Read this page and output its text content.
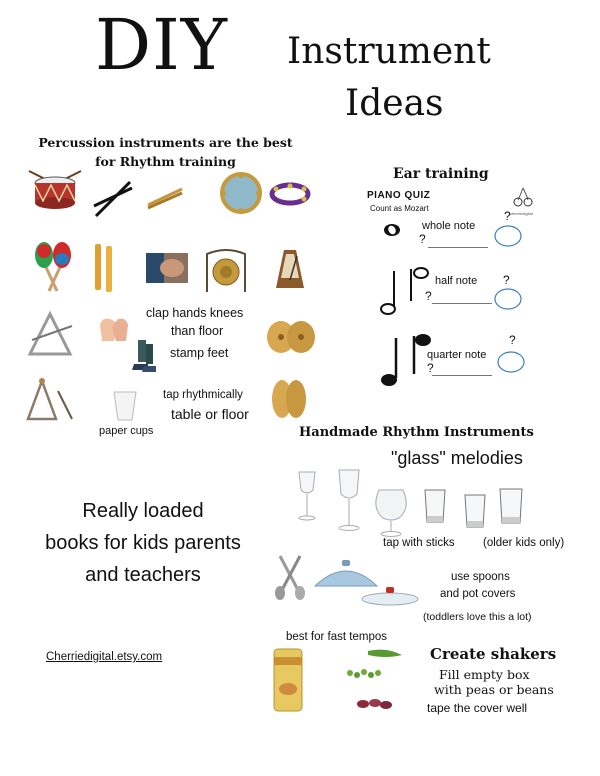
DIY Instrument
Ideas
Percussion instruments are the best
for Rhythm training
clap hands knees
than floor
stamp feet
paper cups
tap rhythmically
table or floor
Ear training
PIANO QUIZ
Count as Mozart
cherriedigital
whole note
?
?
half note
?
?
quarter note
?
?
Handmade Rhythm Instruments
"glass" melodies
tap with sticks (older kids only)
use spoons
and pot covers
(toddlers love this a lot)
best for fast tempos
Create shakers
Fill empty box
with peas or beans
tape the cover well
Really loaded
books for kids parents
and teachers
Cherriedigital.etsy.com
